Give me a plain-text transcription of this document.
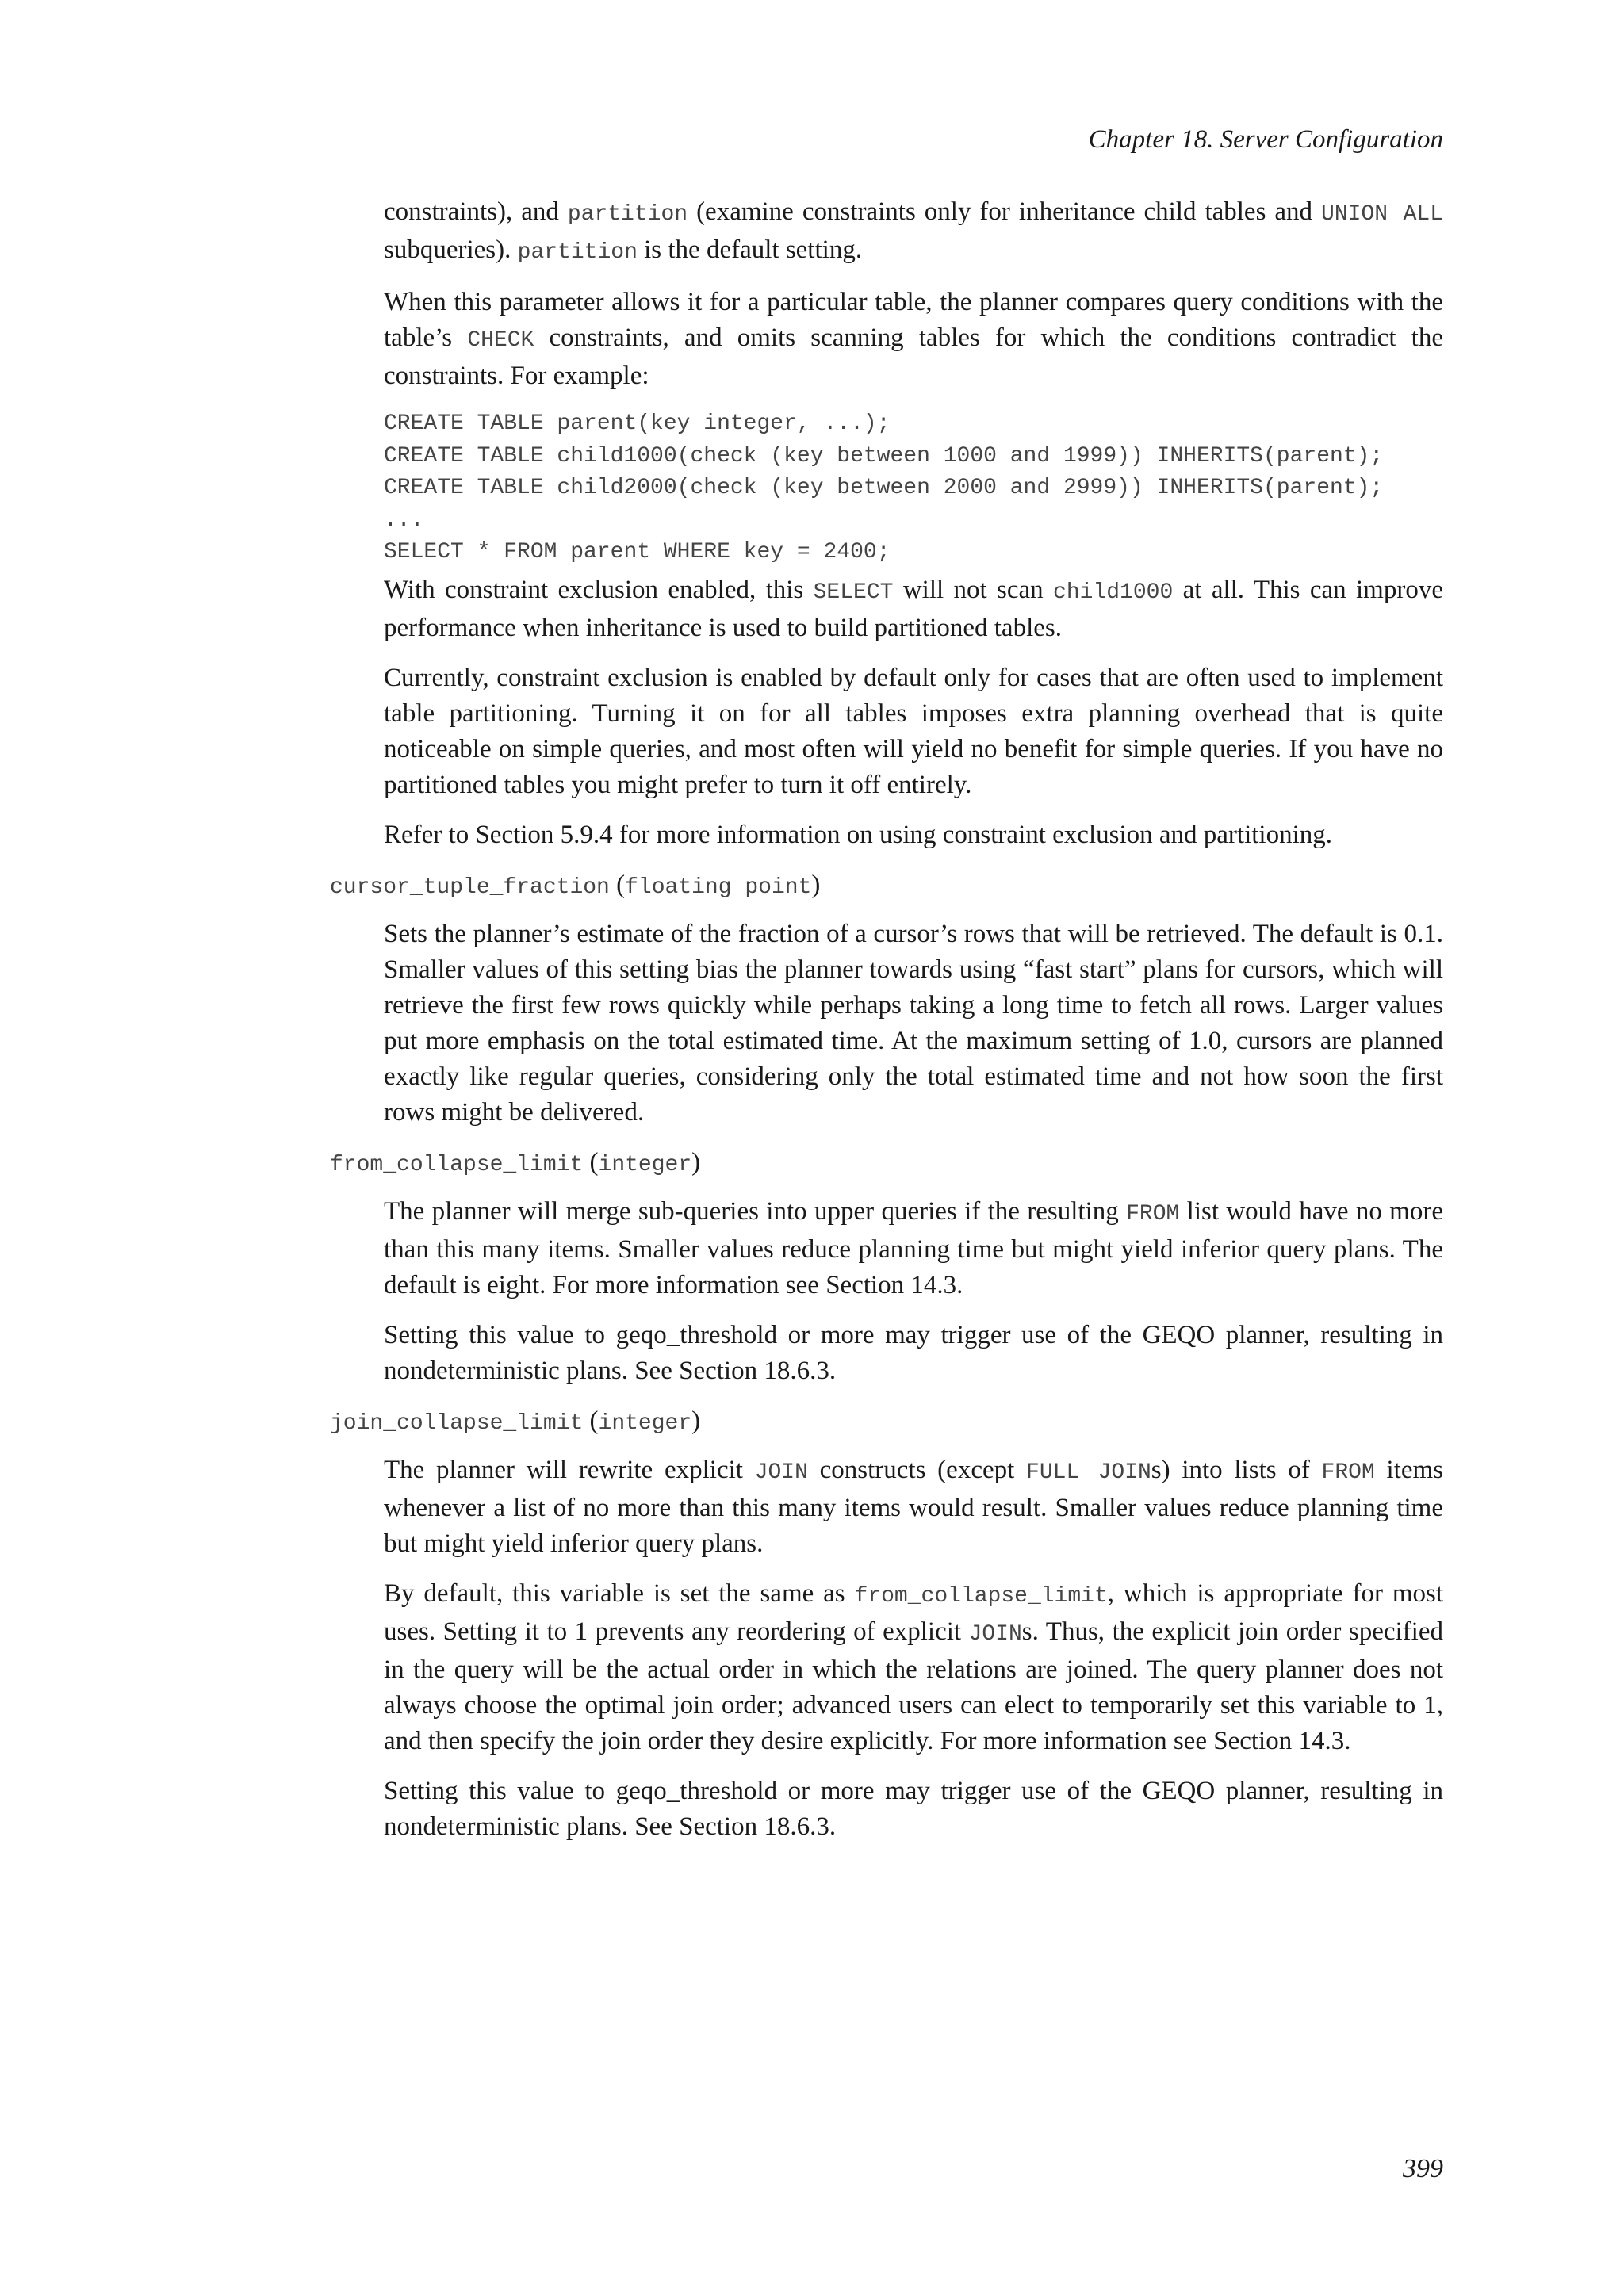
Chapter 18. Server Configuration

constraints), and partition (examine constraints only for inheritance child tables and UNION ALL subqueries). partition is the default setting.

When this parameter allows it for a particular table, the planner compares query conditions with the table’s CHECK constraints, and omits scanning tables for which the conditions contradict the constraints. For example:

CREATE TABLE parent(key integer, ...);
CREATE TABLE child1000(check (key between 1000 and 1999)) INHERITS(parent);
CREATE TABLE child2000(check (key between 2000 and 2999)) INHERITS(parent);
...
SELECT * FROM parent WHERE key = 2400;

With constraint exclusion enabled, this SELECT will not scan child1000 at all. This can improve performance when inheritance is used to build partitioned tables.

Currently, constraint exclusion is enabled by default only for cases that are often used to implement table partitioning. Turning it on for all tables imposes extra planning overhead that is quite noticeable on simple queries, and most often will yield no benefit for simple queries. If you have no partitioned tables you might prefer to turn it off entirely.

Refer to Section 5.9.4 for more information on using constraint exclusion and partitioning.

cursor_tuple_fraction (floating point)

Sets the planner’s estimate of the fraction of a cursor’s rows that will be retrieved. The default is 0.1. Smaller values of this setting bias the planner towards using “fast start” plans for cursors, which will retrieve the first few rows quickly while perhaps taking a long time to fetch all rows. Larger values put more emphasis on the total estimated time. At the maximum setting of 1.0, cursors are planned exactly like regular queries, considering only the total estimated time and not how soon the first rows might be delivered.

from_collapse_limit (integer)

The planner will merge sub-queries into upper queries if the resulting FROM list would have no more than this many items. Smaller values reduce planning time but might yield inferior query plans. The default is eight. For more information see Section 14.3.

Setting this value to geqo_threshold or more may trigger use of the GEQO planner, resulting in nondeterministic plans. See Section 18.6.3.

join_collapse_limit (integer)

The planner will rewrite explicit JOIN constructs (except FULL JOINs) into lists of FROM items whenever a list of no more than this many items would result. Smaller values reduce planning time but might yield inferior query plans.

By default, this variable is set the same as from_collapse_limit, which is appropriate for most uses. Setting it to 1 prevents any reordering of explicit JOINs. Thus, the explicit join order specified in the query will be the actual order in which the relations are joined. The query planner does not always choose the optimal join order; advanced users can elect to temporarily set this variable to 1, and then specify the join order they desire explicitly. For more information see Section 14.3.

Setting this value to geqo_threshold or more may trigger use of the GEQO planner, resulting in nondeterministic plans. See Section 18.6.3.

399
